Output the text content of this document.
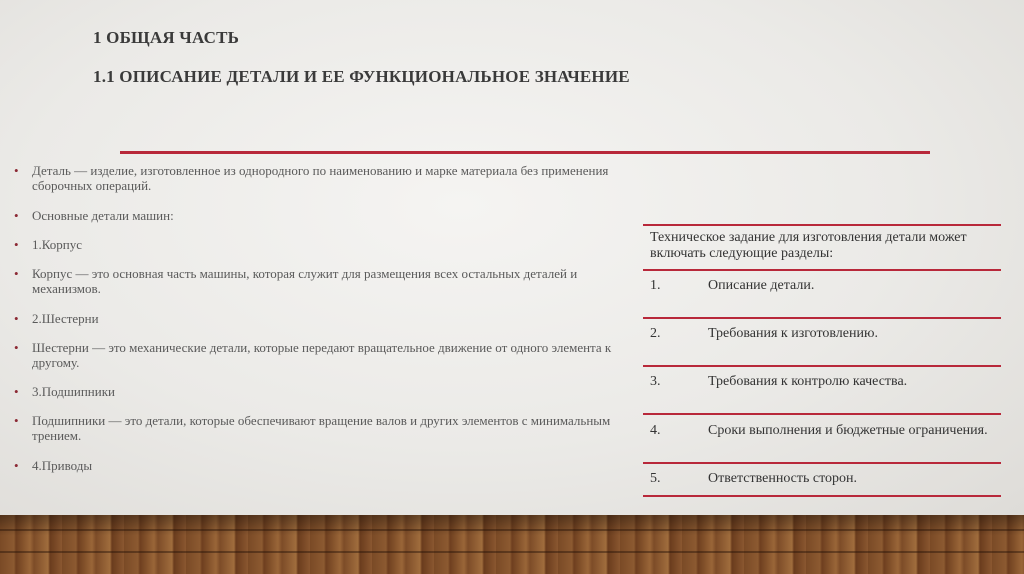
1 ОБЩАЯ ЧАСТЬ
1.1 ОПИСАНИЕ ДЕТАЛИ И ЕЕ ФУНКЦИОНАЛЬНОЕ ЗНАЧЕНИЕ
• Деталь — изделие, изготовленное из однородного по наименованию и марке материала без применения сборочных операций.
• Основные детали машин:
• 1.Корпус
• Корпус — это основная часть машины, которая служит для размещения всех остальных деталей и механизмов.
• 2.Шестерни
• Шестерни — это механические детали, которые передают вращательное движение от одного элемента к другому.
• 3.Подшипники
• Подшипники — это детали, которые обеспечивают вращение валов и других элементов с минимальным трением.
• 4.Приводы
Техническое задание для изготовления детали может включать следующие разделы:
1.	Описание детали.
2.	Требования к изготовлению.
3.	Требования к контролю качества.
4.	Сроки выполнения и бюджетные ограничения.
5.	Ответственность сторон.
